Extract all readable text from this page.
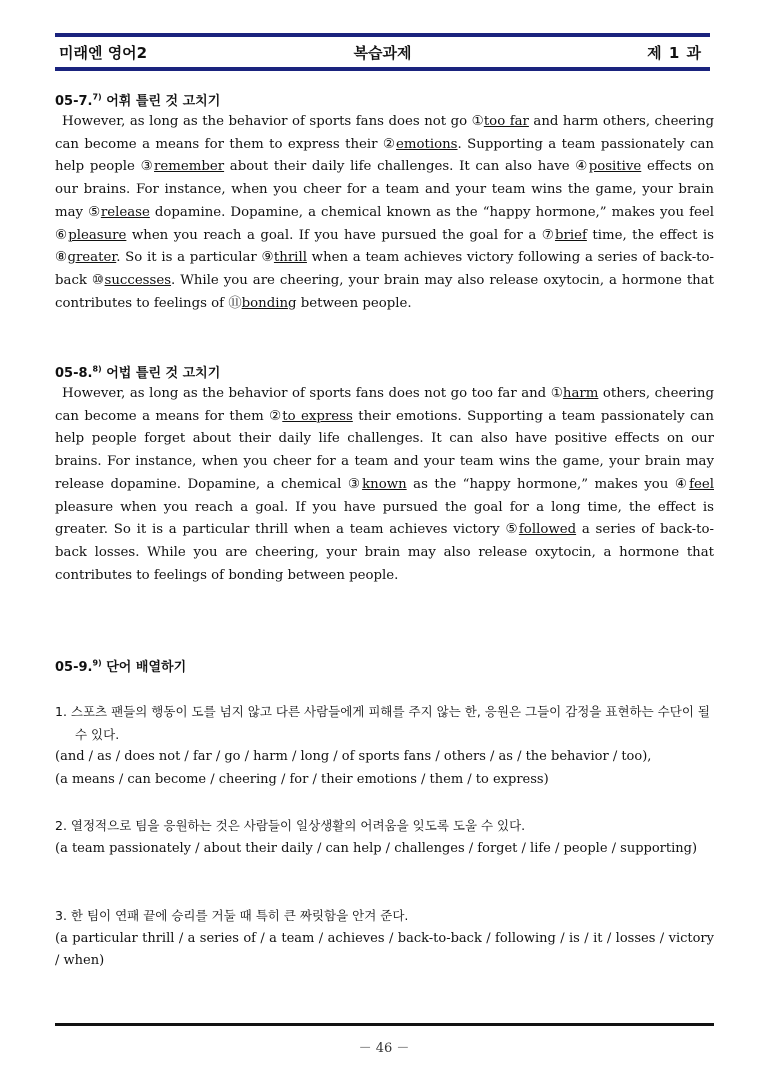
미래엔 영어2	복습과제	제 1 과
05-7.$^{7)}$ 어휘 틀린 것 고치기
However, as long as the behavior of sports fans does not go ①too far and harm others, cheering can become a means for them to express their ②emotions. Supporting a team passionately can help people ③remember about their daily life challenges. It can also have ④positive effects on our brains. For instance, when you cheer for a team and your team wins the game, your brain may ⑤release dopamine. Dopamine, a chemical known as the “happy hormone,” makes you feel ⑥pleasure when you reach a goal. If you have pursued the goal for a ⑦brief time, the effect is ⑧greater. So it is a particular ⑨thrill when a team achieves victory following a series of back-to-back ⑩successes. While you are cheering, your brain may also release oxytocin, a hormone that contributes to feelings of ⑪bonding between people.
05-8.$^{8)}$ 어법 틀린 것 고치기
However, as long as the behavior of sports fans does not go too far and ①harm others, cheering can become a means for them ②to express their emotions. Supporting a team passionately can help people forget about their daily life challenges. It can also have positive effects on our brains. For instance, when you cheer for a team and your team wins the game, your brain may release dopamine. Dopamine, a chemical ③known as the “happy hormone,” makes you ④feel pleasure when you reach a goal. If you have pursued the goal for a long time, the effect is greater. So it is a particular thrill when a team achieves victory ⑤followed a series of back-to-back losses. While you are cheering, your brain may also release oxytocin, a hormone that contributes to feelings of bonding between people.
05-9.$^{9)}$ 단어 배열하기
1. 스포츠 팬들의 행동이 도를 넘지 않고 다른 사람들에게 피해를 주지 않는 한, 응원은 그들이 감정을 표현하는 수단이 될 수 있다.
(and / as / does not / far / go / harm / long / of sports fans / others / as / the behavior / too),
(a means / can become / cheering / for / their emotions / them / to express)
2. 열정적으로 팀을 응원하는 것은 사람들이 일상생활의 어려움을 잊도록 도울 수 있다.
(a team passionately / about their daily / can help / challenges / forget / life / people / supporting)
3. 한 팀이 연패 끝에 승리를 거둘 때 특히 큰 짜릿함을 안겨 준다.
(a particular thrill / a series of / a team / achieves / back-to-back / following / is / it / losses / victory / when)
－ 46 －
